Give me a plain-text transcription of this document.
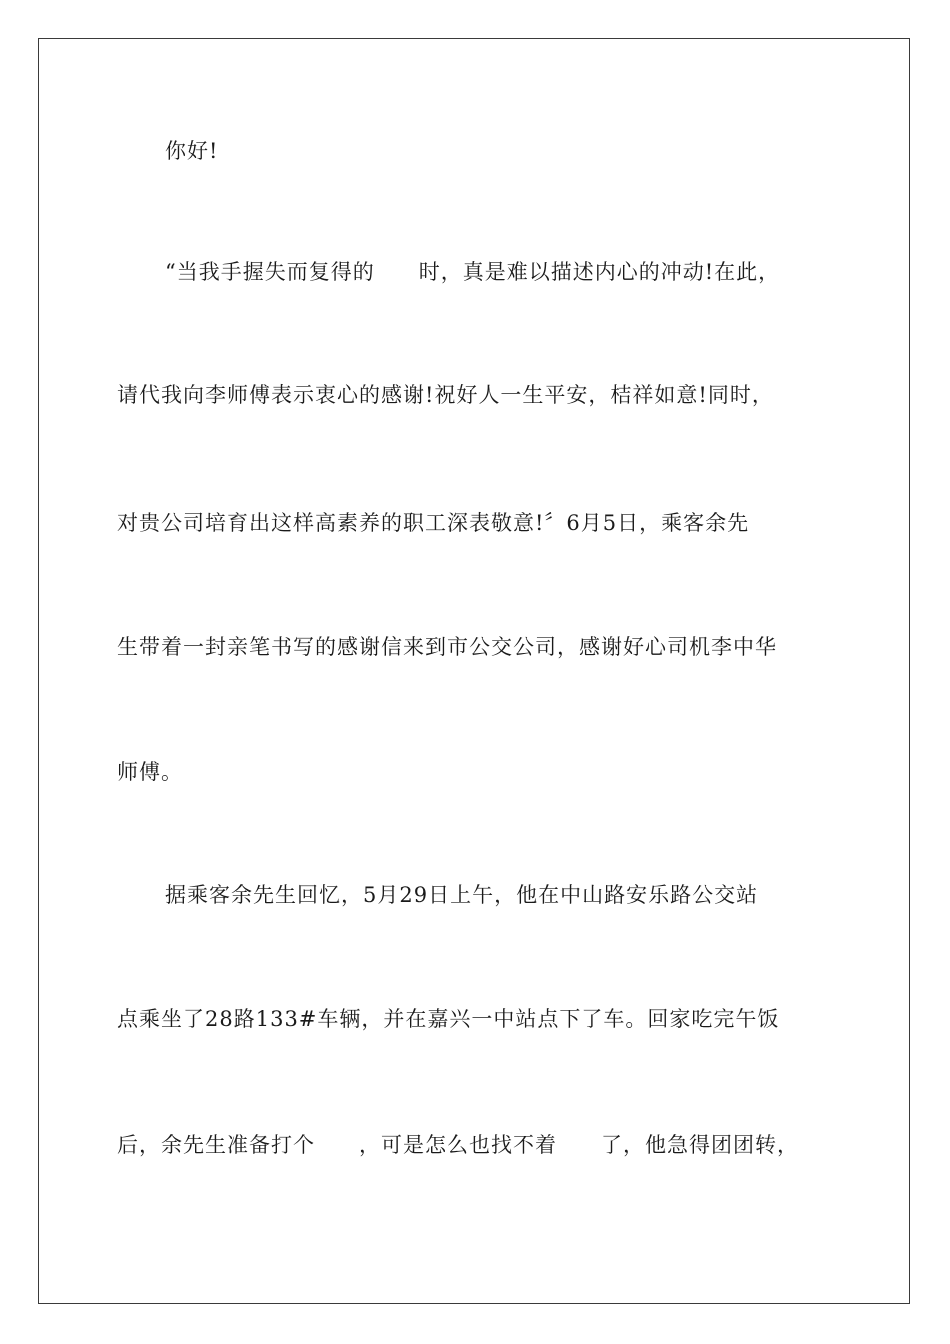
你好!
“当我手握失而复得的　　时，真是难以描述内心的冲动!在此，
请代我向李师傅表示衷心的感谢!祝好人一生平安，桔祥如意!同时，
对贵公司培育出这样高素养的职工深表敬意!〞6月5日，乘客余先
生带着一封亲笔书写的感谢信来到市公交公司，感谢好心司机李中华
师傅。
据乘客余先生回忆，5月29日上午，他在中山路安乐路公交站
点乘坐了28路133#车辆，并在嘉兴一中站点下了车。回家吃完午饭
后，余先生准备打个　　，可是怎么也找不着　　了，他急得团团转，
